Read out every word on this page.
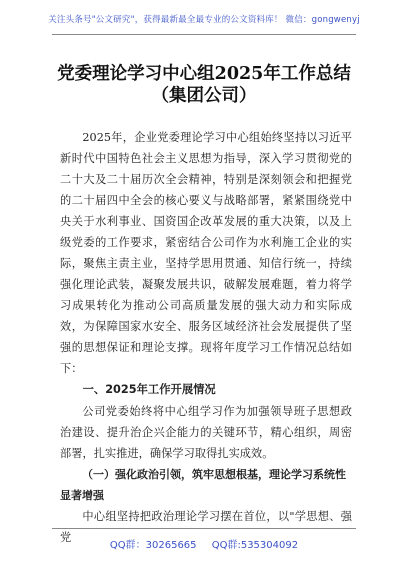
关注头条号"公文研究"，获得最新最全最专业的公文资料库！ 微信：gongwenyj
党委理论学习中心组2025年工作总结
（集团公司）

2025年，企业党委理论学习中心组始终坚持以习近平新时代中国特色社会主义思想为指导，深入学习贯彻党的二十大及二十届历次全会精神，特别是深刻领会和把握党的二十届四中全会的核心要义与战略部署，紧紧围绕党中央关于水利事业、国资国企改革发展的重大决策，以及上级党委的工作要求，紧密结合公司作为水利施工企业的实际，聚焦主责主业，坚持学思用贯通、知信行统一，持续强化理论武装，凝聚发展共识，破解发展难题，着力将学习成果转化为推动公司高质量发展的强大动力和实际成效，为保障国家水安全、服务区域经济社会发展提供了坚强的思想保证和理论支撑。现将年度学习工作情况总结如下：

一、2025年工作开展情况

公司党委始终将中心组学习作为加强领导班子思想政治建设、提升治企兴企能力的关键环节，精心组织，周密部署，扎实推进，确保学习取得扎实成效。

（一）强化政治引领，筑牢思想根基，理论学习系统性显著增强

中心组坚持把政治理论学习摆在首位，以"学思想、强党

QQ群：30265665 QQ群:535304092
